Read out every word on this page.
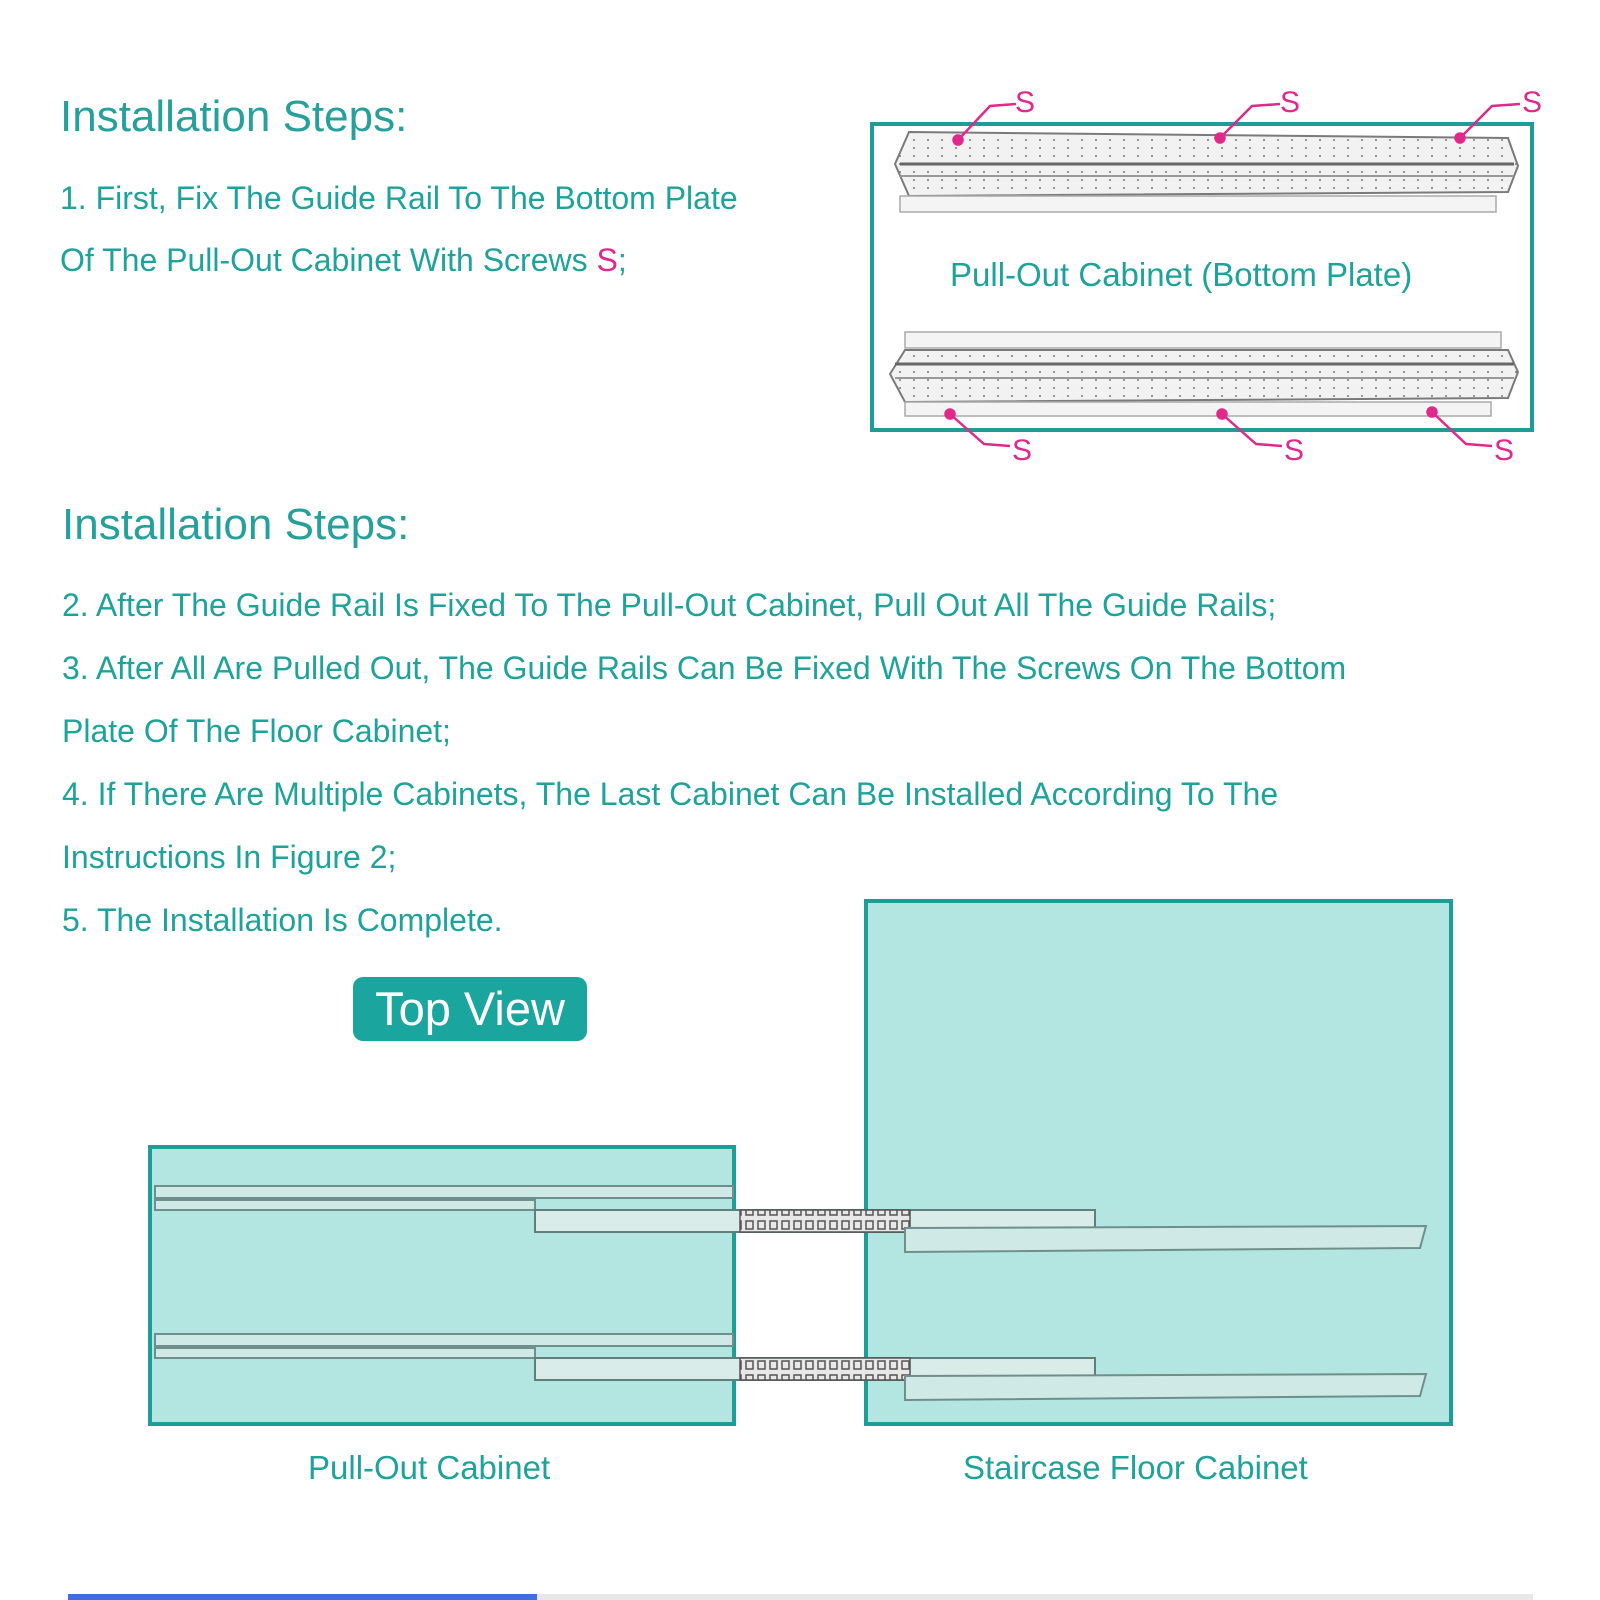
Installation Steps:
1. First, Fix The Guide Rail To The Bottom Plate
Of The Pull-Out Cabinet With Screws S;
S	S	S
S	S	S
Pull-Out Cabinet (Bottom Plate)
Installation Steps:
2. After The Guide Rail Is Fixed To The Pull-Out Cabinet, Pull Out All The Guide Rails;
3. After All Are Pulled Out, The Guide Rails Can Be Fixed With The Screws On The Bottom
Plate Of The Floor Cabinet;
4. If There Are Multiple Cabinets, The Last Cabinet Can Be Installed According To The
Instructions In Figure 2;
5. The Installation Is Complete.
Top View
Pull-Out Cabinet	Staircase Floor Cabinet
